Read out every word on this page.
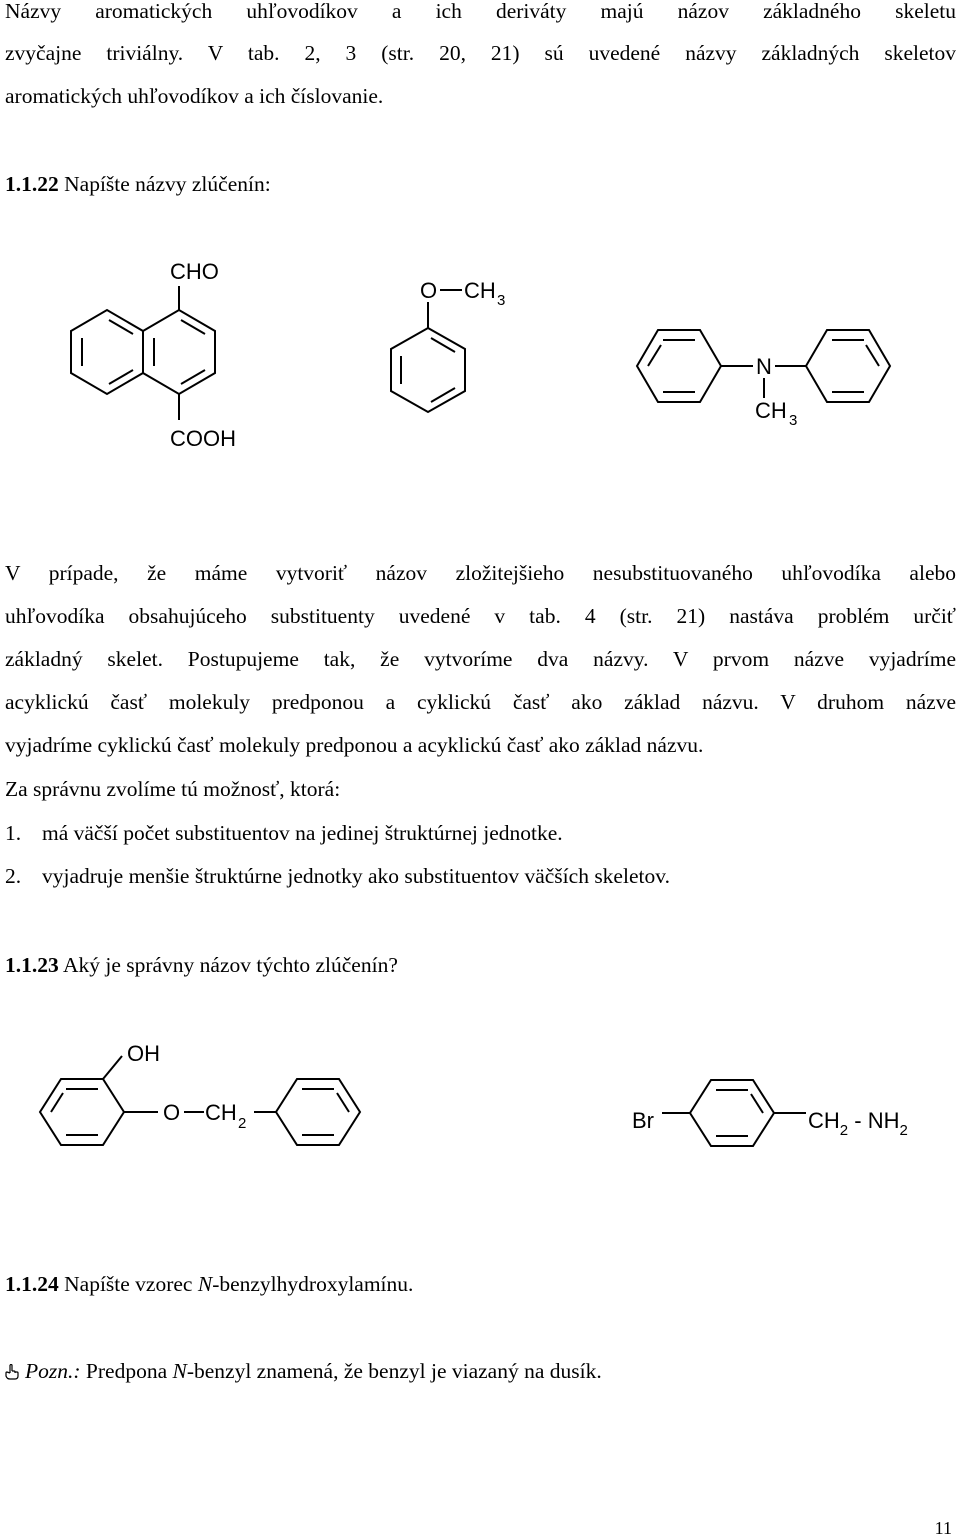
Názvy aromatických uhľovodíkov a ich deriváty majú názov základného skeletu
zvyčajne triviálny. V tab. 2, 3 (str. 20, 21) sú uvedené názvy základných skeletov
aromatických uhľovodíkov a ich číslovanie.
1.1.22 Napíšte názvy zlúčenín:
CHO
COOH
O CH 3
N
CH 3
V prípade, že máme vytvoriť názov zložitejšieho nesubstituovaného uhľovodíka alebo
uhľovodíka obsahujúceho substituenty uvedené v tab. 4 (str. 21) nastáva problém určiť
základný skelet. Postupujeme tak, že vytvoríme dva názvy. V prvom názve vyjadríme
acyklickú časť molekuly predponou a cyklickú časť ako základ názvu. V druhom názve
vyjadríme cyklickú časť molekuly predponou a acyklickú časť ako základ názvu.
Za správnu zvolíme tú možnosť, ktorá:
1. má väčší počet substituentov na jedinej štruktúrnej jednotke.
2. vyjadruje menšie štruktúrne jednotky ako substituentov väčších skeletov.
1.1.23 Aký je správny názov týchto zlúčenín?
OH
O CH 2	Br	$CH_2 - NH_2$
1.1.24 Napíšte vzorec N-benzylhydroxylamínu.
Pozn.: Predpona N-benzyl znamená, že benzyl je viazaný na dusík.
11
